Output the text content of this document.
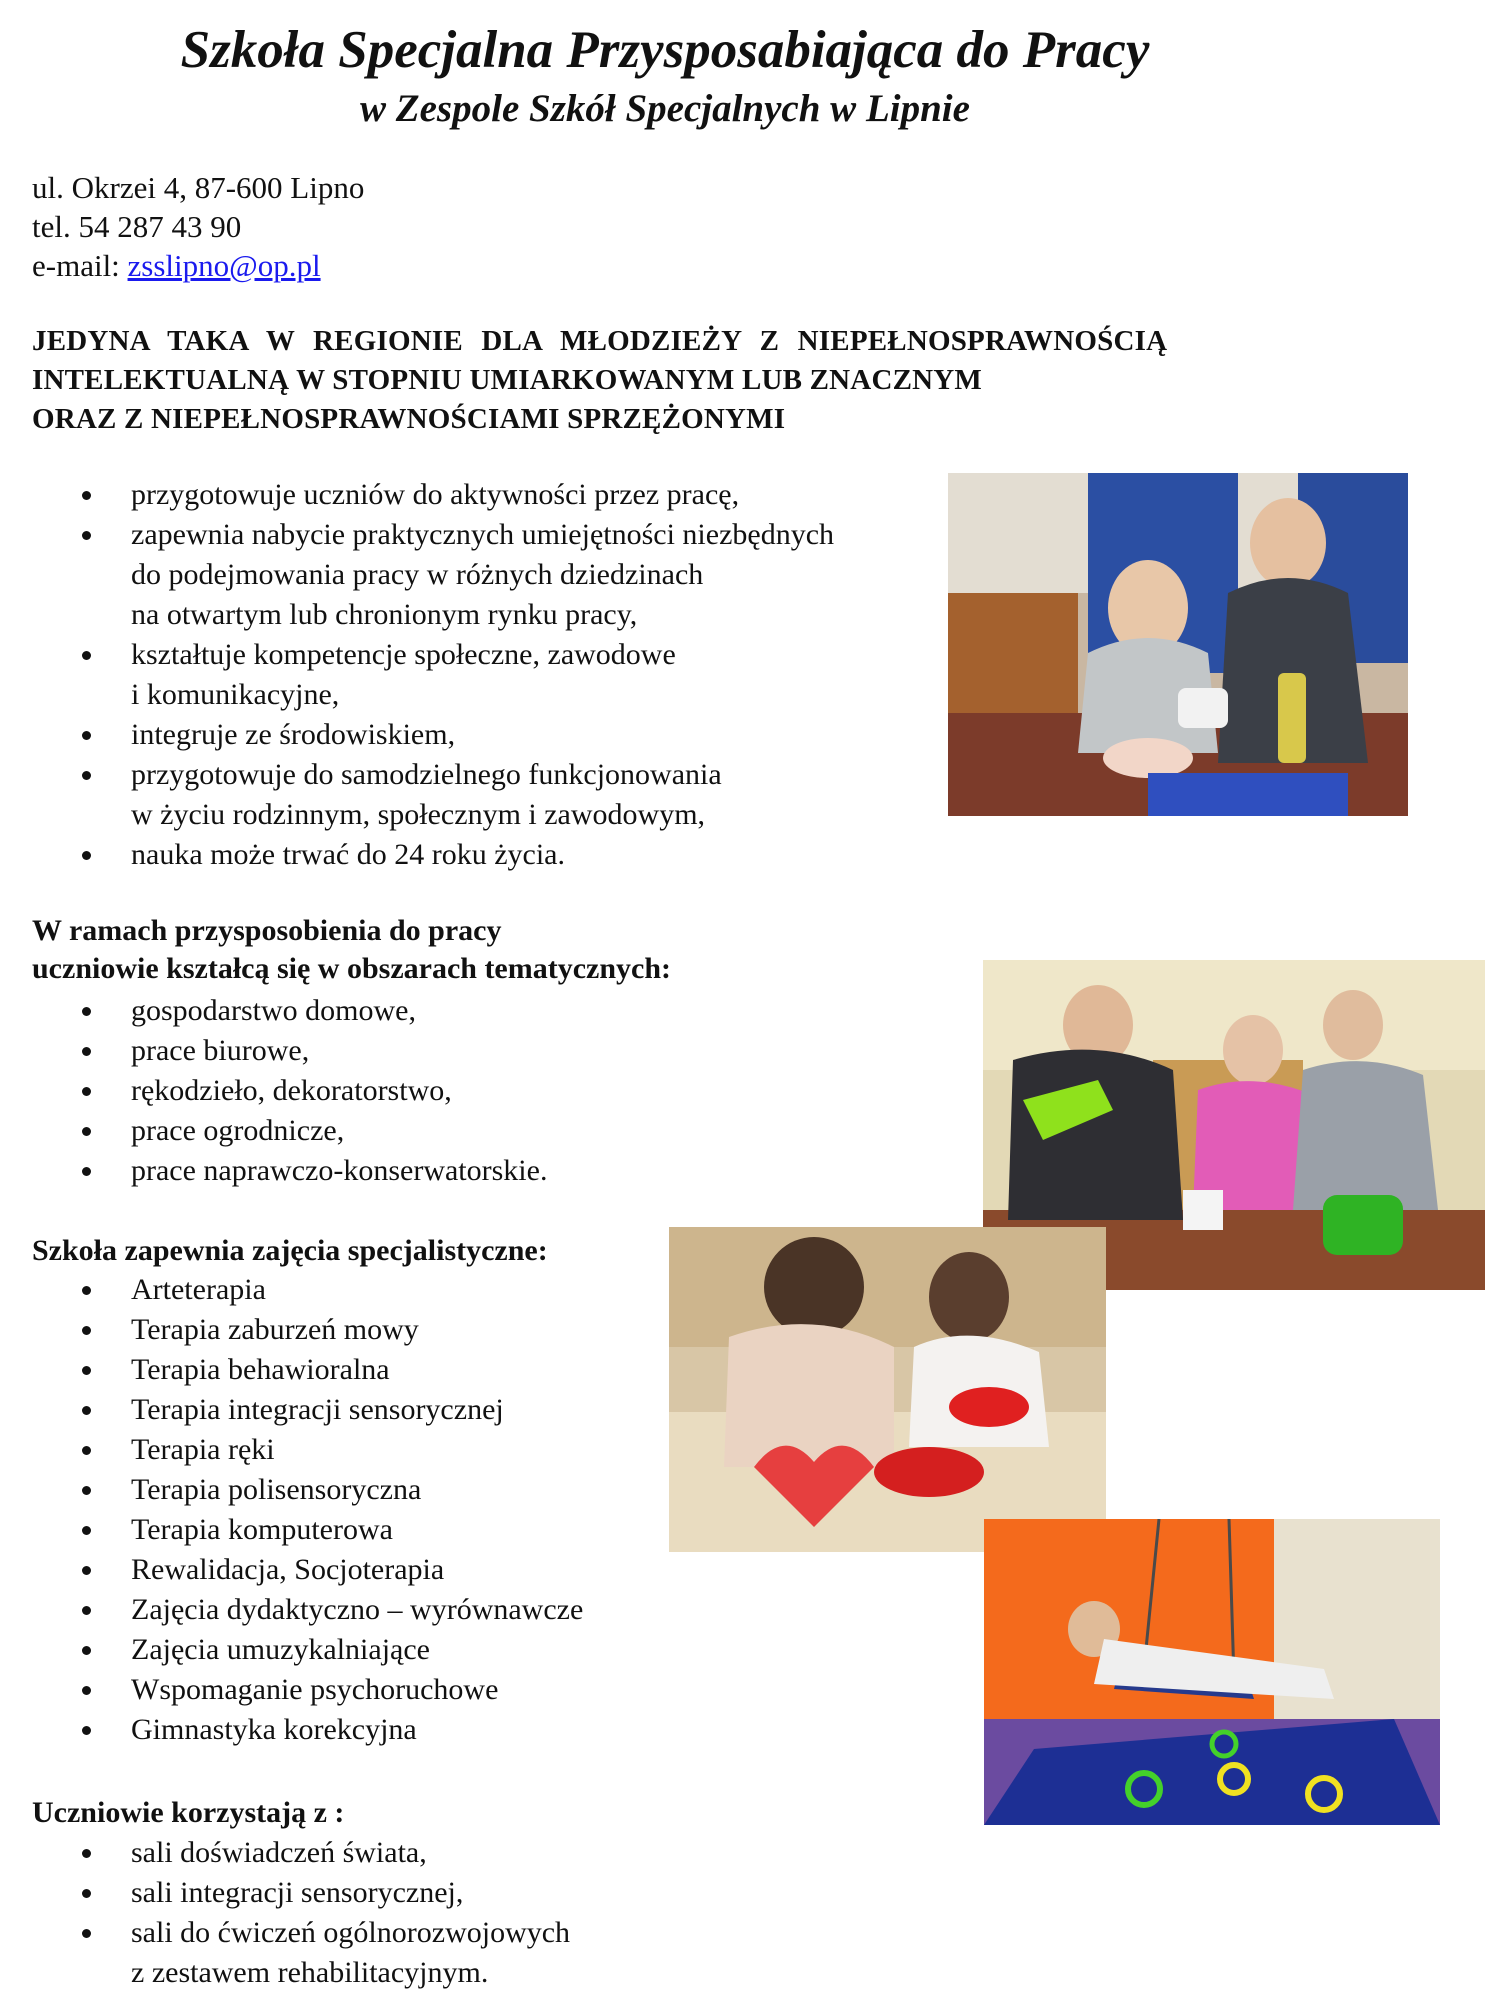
Szkoła Specjalna Przysposabiająca do Pracy
w Zespole Szkół Specjalnych w Lipnie
ul. Okrzei 4, 87-600 Lipno
tel. 54 287 43 90
e-mail: zsslipno@op.pl
JEDYNA TAKA W REGIONIE DLA MŁODZIEŻY Z NIEPEŁNOSPRAWNOŚCIĄ
INTELEKTUALNĄ W STOPNIU UMIARKOWANYM LUB ZNACZNYM
ORAZ Z NIEPEŁNOSPRAWNOŚCIAMI SPRZĘŻONYMI
przygotowuje uczniów do aktywności przez pracę,
zapewnia nabycie praktycznych umiejętności niezbędnych
do podejmowania pracy w różnych dziedzinach
na otwartym lub chronionym rynku pracy,
kształtuje kompetencje społeczne, zawodowe
i komunikacyjne,
integruje ze środowiskiem,
przygotowuje do samodzielnego funkcjonowania
w życiu rodzinnym, społecznym i zawodowym,
nauka może trwać do 24 roku życia.
W ramach przysposobienia do pracy
uczniowie kształcą się w obszarach tematycznych:
gospodarstwo domowe,
prace biurowe,
rękodzieło, dekoratorstwo,
prace ogrodnicze,
prace naprawczo-konserwatorskie.
Szkoła zapewnia zajęcia specjalistyczne:
Arteterapia
Terapia zaburzeń mowy
Terapia behawioralna
Terapia integracji sensorycznej
Terapia ręki
Terapia polisensoryczna
Terapia komputerowa
Rewalidacja, Socjoterapia
Zajęcia dydaktyczno – wyrównawcze
Zajęcia umuzykalniające
Wspomaganie psychoruchowe
Gimnastyka korekcyjna
Uczniowie korzystają z :
sali doświadczeń świata,
sali integracji sensorycznej,
sali do ćwiczeń ogólnorozwojowych
z zestawem rehabilitacyjnym.
